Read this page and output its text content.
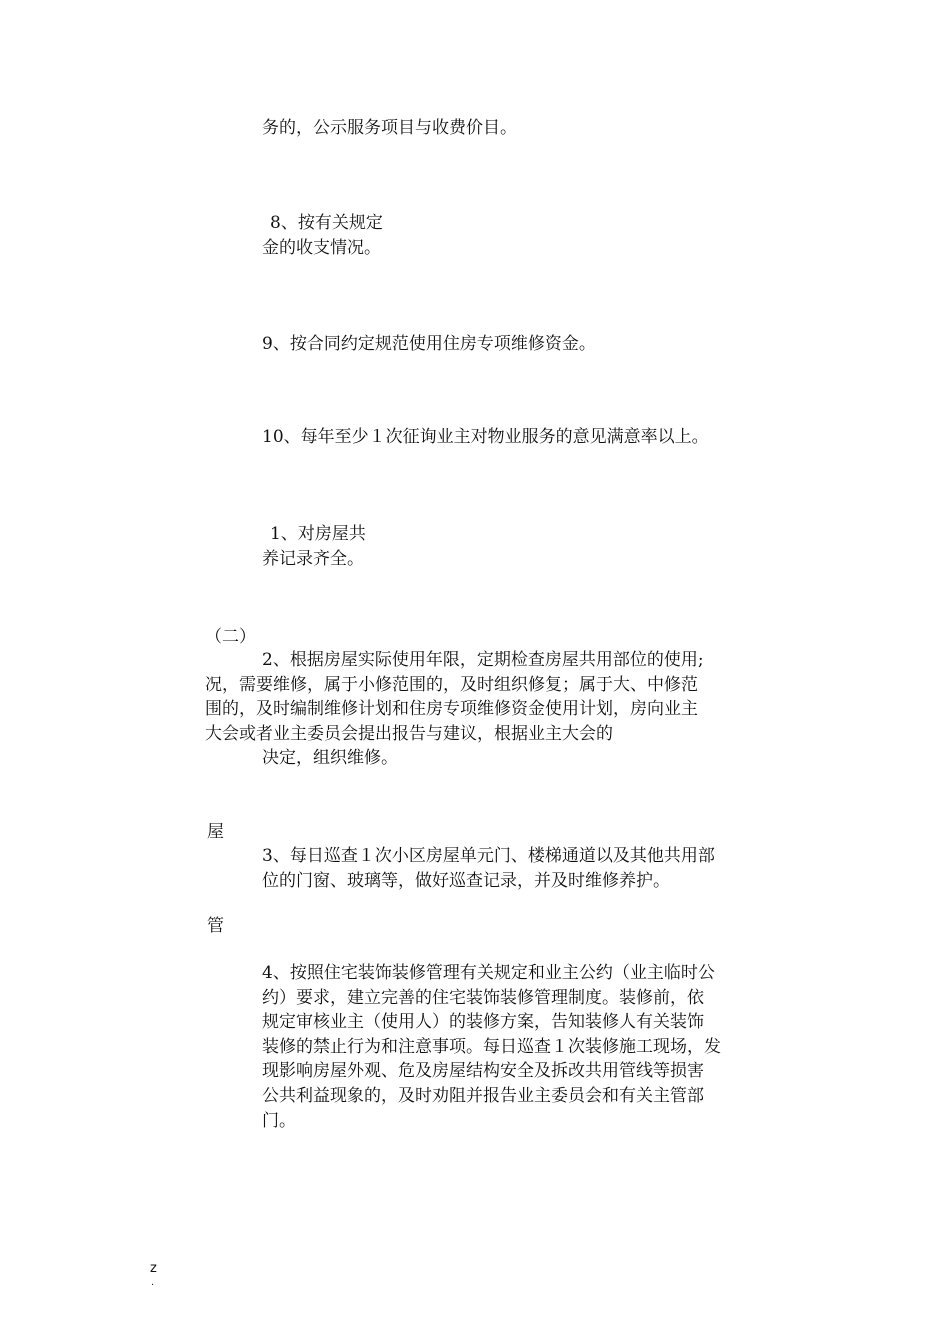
务的，公示服务项目与收费价目。

8、按有关规定

金的收支情况。

9、按合同约定规范使用住房专项维修资金。

10、每年至少１次征询业主对物业服务的意见满意率以上。

1、对房屋共

养记录齐全。

（二）

2、根据房屋实际使用年限，定期检查房屋共用部位的使用;
况，需要维修，属于小修范围的，及时组织修复；属于大、中修范
围的，及时编制维修计划和住房专项维修资金使用计划，房向业主
大会或者业主委员会提出报告与建议，根据业主大会的
决定，组织维修。

屋

3、每日巡查１次小区房屋单元门、楼梯通道以及其他共用部
位的门窗、玻璃等，做好巡查记录，并及时维修养护。

管

4、按照住宅装饰装修管理有关规定和业主公约（业主临时公
约）要求，建立完善的住宅装饰装修管理制度。装修前，依
规定审核业主（使用人）的装修方案，告知装修人有关装饰
装修的禁止行为和注意事项。每日巡查１次装修施工现场，发
现影响房屋外观、危及房屋结构安全及拆改共用管线等损害
公共利益现象的，及时劝阻并报告业主委员会和有关主管部
门。
z
.
